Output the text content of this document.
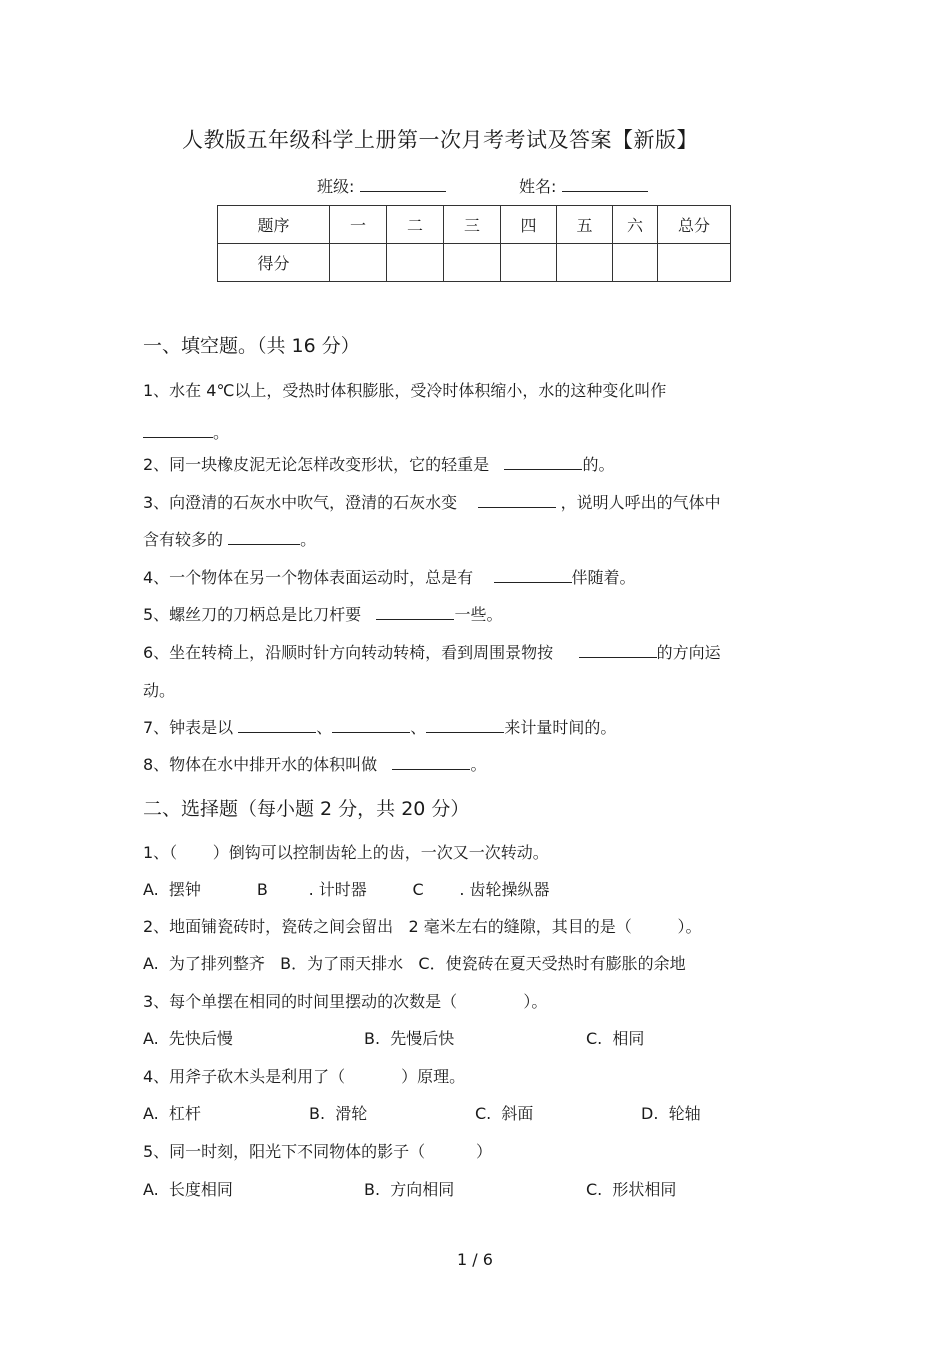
人教版五年级科学上册第一次月考考试及答案【新版】
班级:	姓名:
题序	一	二	三	四	五	六	总分
得分							
一、填空题。（共 16 分）
1、水在 4℃以上，受热时体积膨胀，受冷时体积缩小，水的这种变化叫作
。
2、同一块橡皮泥无论怎样改变形状，它的轻重是	的。
3、向澄清的石灰水中吹气，澄清的石灰水变	，说明人呼出的气体中
含有较多的	。
4、一个物体在另一个物体表面运动时，总是有	伴随着。
5、螺丝刀的刀柄总是比刀杆要	一些。
6、坐在转椅上，沿顺时针方向转动转椅，看到周围景物按	的方向运
动。
7、钟表是以	、	、	来计量时间的。
8、物体在水中排开水的体积叫做	。
二、选择题（每小题 2 分，共 20 分）
1、（ ）倒钩可以控制齿轮上的齿，一次又一次转动。
A.  摆钟	B	. 计时器	C . 齿轮操纵器
2、地面铺瓷砖时，瓷砖之间会留出 2 毫米左右的缝隙，其目的是（	）。
A.  为了排列整齐   B．为了雨天排水   C．使瓷砖在夏天受热时有膨胀的余地
3、每个单摆在相同的时间里摆动的次数是（	）。
A.  先快后慢	B.  先慢后快	C.  相同
4、用斧子砍木头是利用了（	）原理。
A.  杠杆	B.  滑轮	C.  斜面	D.  轮轴
5、同一时刻，阳光下不同物体的影子（	）
A.  长度相同	B.  方向相同	C.  形状相同
1 / 6
